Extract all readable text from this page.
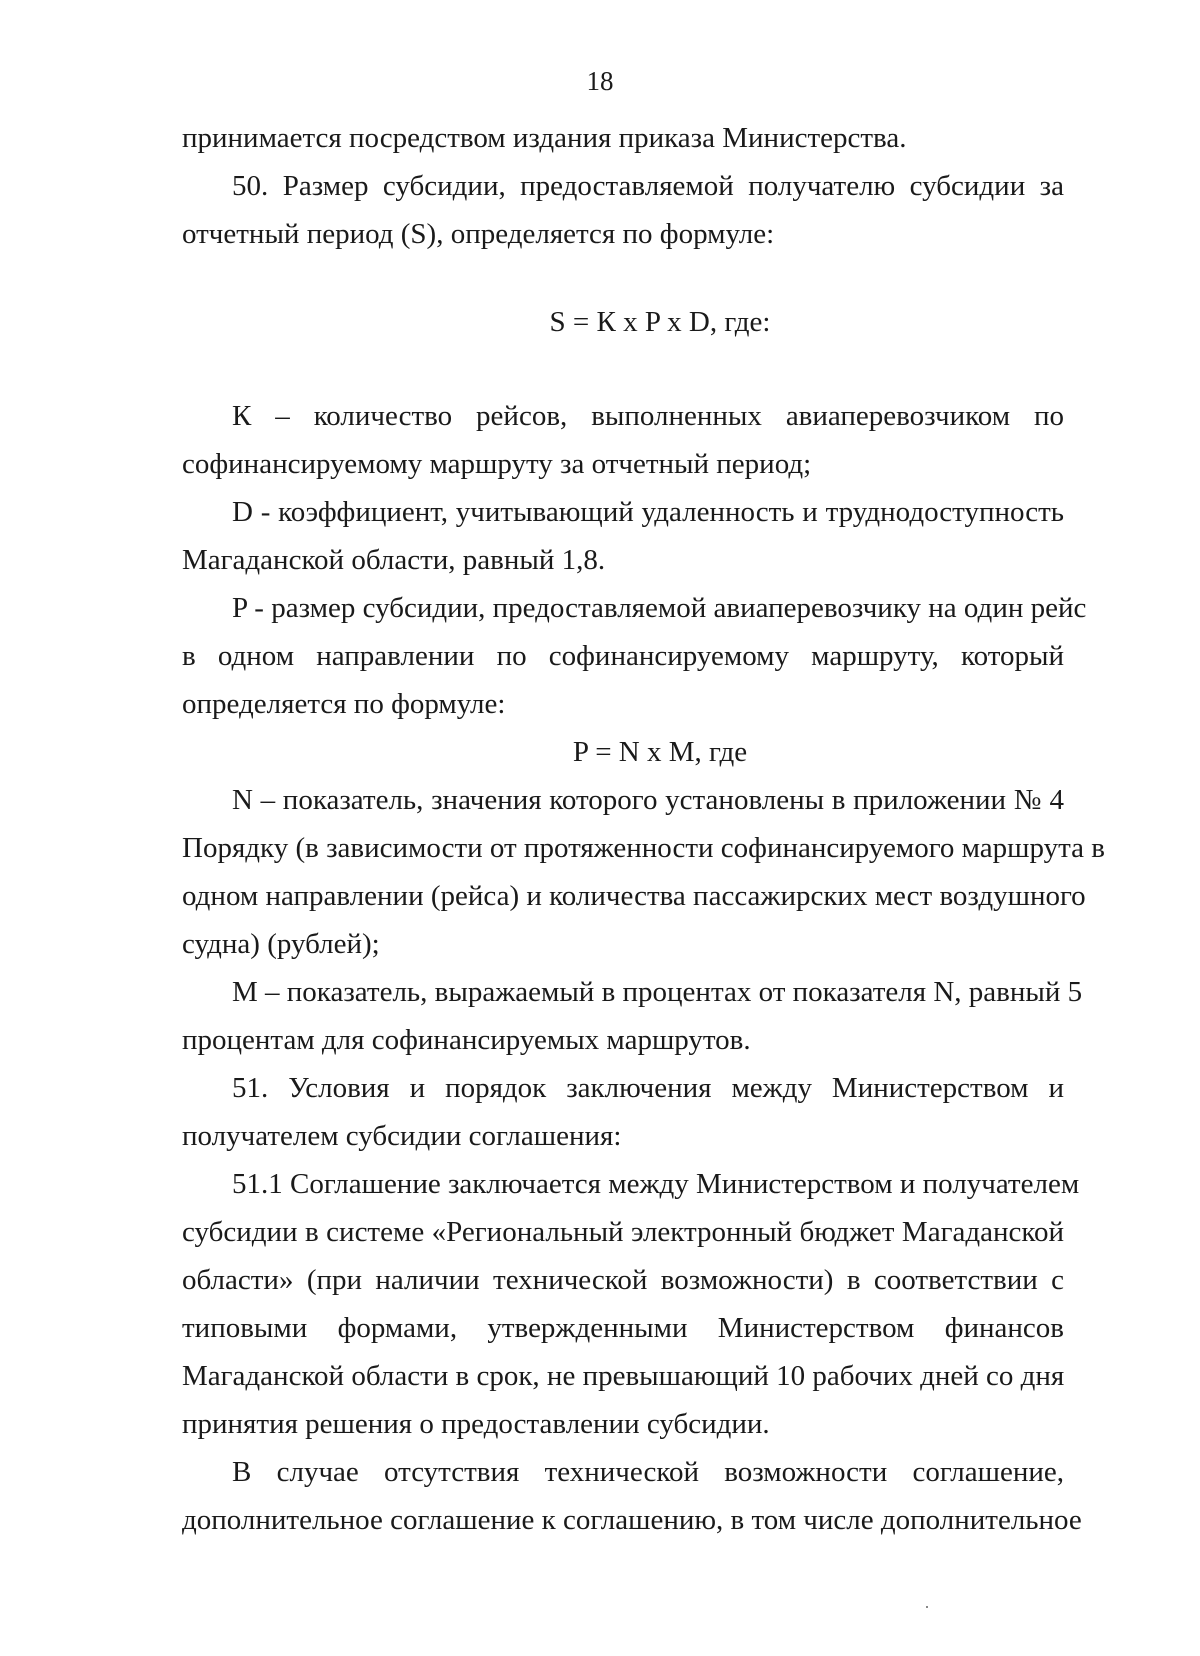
18
принимается посредством издания приказа Министерства.
50. Размер субсидии, предоставляемой получателю субсидии за
отчетный период (S), определяется по формуле:
S = К х P х D, где:
К – количество рейсов, выполненных авиаперевозчиком по
софинансируемому маршруту за отчетный период;
D - коэффициент, учитывающий удаленность и труднодоступность
Магаданской области, равный 1,8.
P - размер субсидии, предоставляемой авиаперевозчику на один рейс
в одном направлении по софинансируемому маршруту, который
определяется по формуле:
P = N х M, где
N – показатель, значения которого установлены в приложении № 4
Порядку (в зависимости от протяженности софинансируемого маршрута в
одном направлении (рейса) и количества пассажирских мест воздушного
судна) (рублей);
M – показатель, выражаемый в процентах от показателя N, равный 5
процентам для софинансируемых маршрутов.
51. Условия и порядок заключения между Министерством и
получателем субсидии соглашения:
51.1 Соглашение заключается между Министерством и получателем
субсидии в системе «Региональный электронный бюджет Магаданской
области» (при наличии технической возможности) в соответствии с
типовыми формами, утвержденными Министерством финансов
Магаданской области в срок, не превышающий 10 рабочих дней со дня
принятия решения о предоставлении субсидии.
В случае отсутствия технической возможности соглашение,
дополнительное соглашение к соглашению, в том числе дополнительное
